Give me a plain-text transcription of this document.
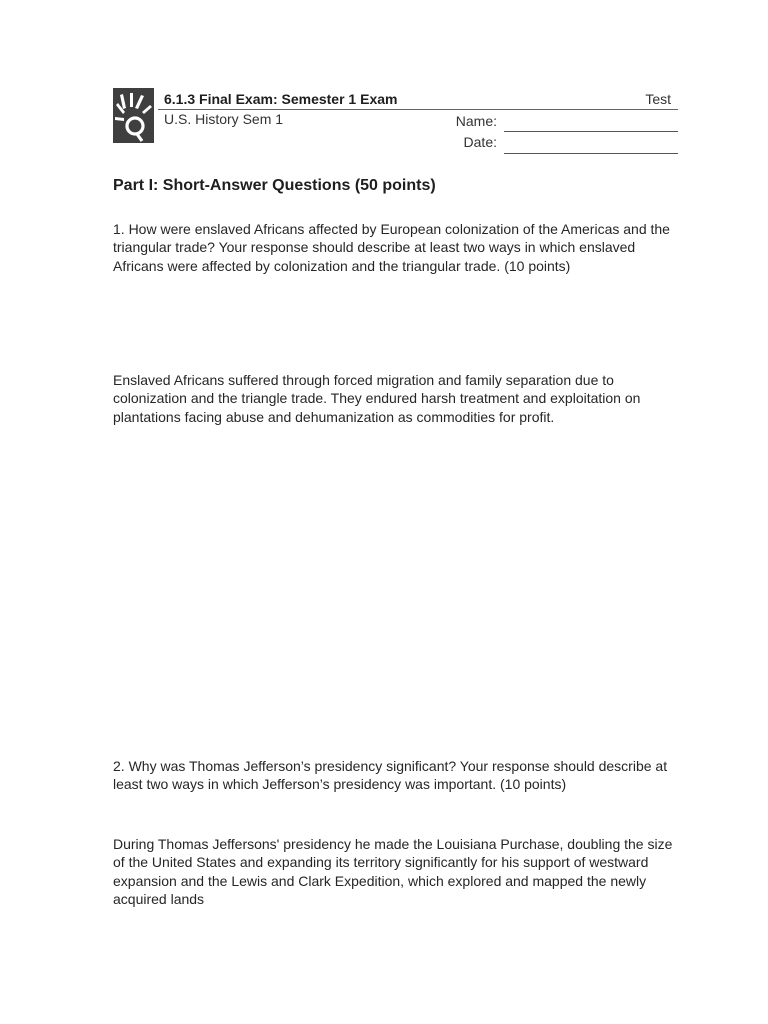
6.1.3 Final Exam: Semester 1 Exam	Test
U.S. History Sem 1	Name:
Date:
Part I: Short-Answer Questions (50 points)
1. How were enslaved Africans affected by European colonization of the Americas and the triangular trade? Your response should describe at least two ways in which enslaved Africans were affected by colonization and the triangular trade. (10 points)
Enslaved Africans suffered through forced migration and family separation due to colonization and the triangle trade. They endured harsh treatment and exploitation on plantations facing abuse and dehumanization as commodities for profit.
2. Why was Thomas Jefferson’s presidency significant? Your response should describe at least two ways in which Jefferson’s presidency was important. (10 points)
During Thomas Jeffersons' presidency he made the Louisiana Purchase, doubling the size of the United States and expanding its territory significantly for his support of westward expansion and the Lewis and Clark Expedition, which explored and mapped the newly acquired lands
